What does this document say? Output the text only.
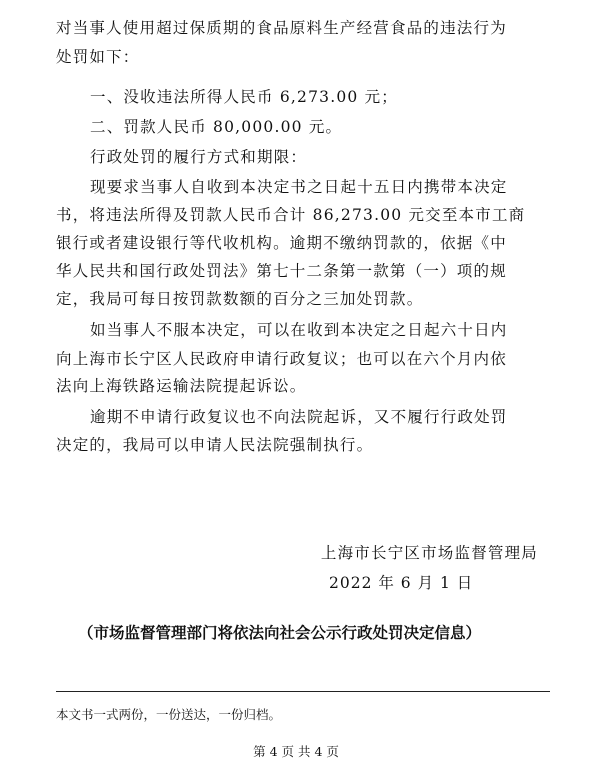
对当事人使用超过保质期的食品原料生产经营食品的违法行为
处罚如下：
一、没收违法所得人民币 6,273.00 元；
二、罚款人民币 80,000.00 元。
行政处罚的履行方式和期限：
现要求当事人自收到本决定书之日起十五日内携带本决定
书，将违法所得及罚款人民币合计 86,273.00 元交至本市工商
银行或者建设银行等代收机构。逾期不缴纳罚款的，依据《中
华人民共和国行政处罚法》第七十二条第一款第（一）项的规
定，我局可每日按罚款数额的百分之三加处罚款。
如当事人不服本决定，可以在收到本决定之日起六十日内
向上海市长宁区人民政府申请行政复议；也可以在六个月内依
法向上海铁路运输法院提起诉讼。
逾期不申请行政复议也不向法院起诉，又不履行行政处罚
决定的，我局可以申请人民法院强制执行。
上海市长宁区市场监督管理局
2022 年 6 月 1 日
（市场监督管理部门将依法向社会公示行政处罚决定信息）
本文书一式两份，一份送达，一份归档。
第 4 页 共 4 页
